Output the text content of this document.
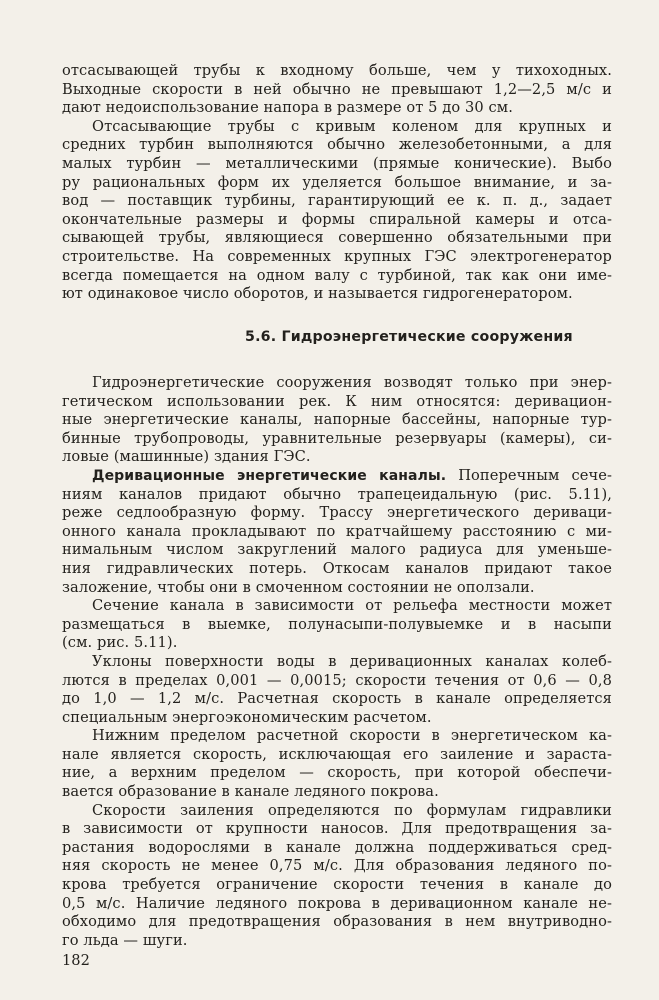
отсасывающей трубы к входному больше, чем у тихоходных.
Выходные скорости в ней обычно не превышают 1,2—2,5 м/с и
дают недоиспользование напора в размере от 5 до 30 см.
Отсасывающие трубы с кривым коленом для крупных и
средних турбин выполняются обычно железобетонными, а для
малых турбин — металлическими (прямые конические). Выбо
ру рациональных форм их уделяется большое внимание, и за-
вод — поставщик турбины, гарантирующий ее к. п. д., задает
окончательные размеры и формы спиральной камеры и отса-
сывающей трубы, являющиеся совершенно обязательными при
строительстве. На современных крупных ГЭС электрогенератор
всегда помещается на одном валу с турбиной, так как они име-
ют одинаковое число оборотов, и называется гидрогенератором.
5.6. Гидроэнергетические сооружения
Гидроэнергетические сооружения возводят только при энер-
гетическом использовании рек. К ним относятся: деривацион-
ные энергетические каналы, напорные бассейны, напорные тур-
бинные трубопроводы, уравнительные резервуары (камеры), си-
ловые (машинные) здания ГЭС.
Деривационные энергетические каналы. Поперечным сече-
ниям каналов придают обычно трапецеидальную (рис. 5.11),
реже седлообразную форму. Трассу энергетического деривaци-
онного канала прокладывают по кратчайшему расстоянию с ми-
нимальным числом закруглений малого радиуса для уменьше-
ния гидравлических потерь. Откосам каналов придают такое
заложение, чтобы они в смоченном состоянии не оползали.
Сечение канала в зависимости от рельефа местности может
размещаться в выемке, полунасыпи-полувыемке и в насыпи
(см. рис. 5.11).
Уклоны поверхности воды в деривационных каналах колеб-
лются в пределах 0,001 — 0,0015; скорости течения от 0,6 — 0,8
до 1,0 — 1,2 м/с. Расчетная скорость в канале определяется
специальным энергоэкономическим расчетом.
Нижним пределом расчетной скорости в энергетическом ка-
нале является скорость, исключающая его заиление и зараста-
ние, а верхним пределом — скорость, при которой обеспечи-
вается образование в канале ледяного покрова.
Скорости заиления определяются по формулам гидравлики
в зависимости от крупности наносов. Для предотвращения за-
растания водорослями в канале должна поддерживаться сред-
няя скорость не менее 0,75 м/с. Для образования ледяного по-
крова требуется ограничение скорости течения в канале до
0,5 м/с. Наличие ледяного покрова в деривационном канале не-
обходимо для предотвращения образования в нем внутриводно-
го льда — шуги.
182
